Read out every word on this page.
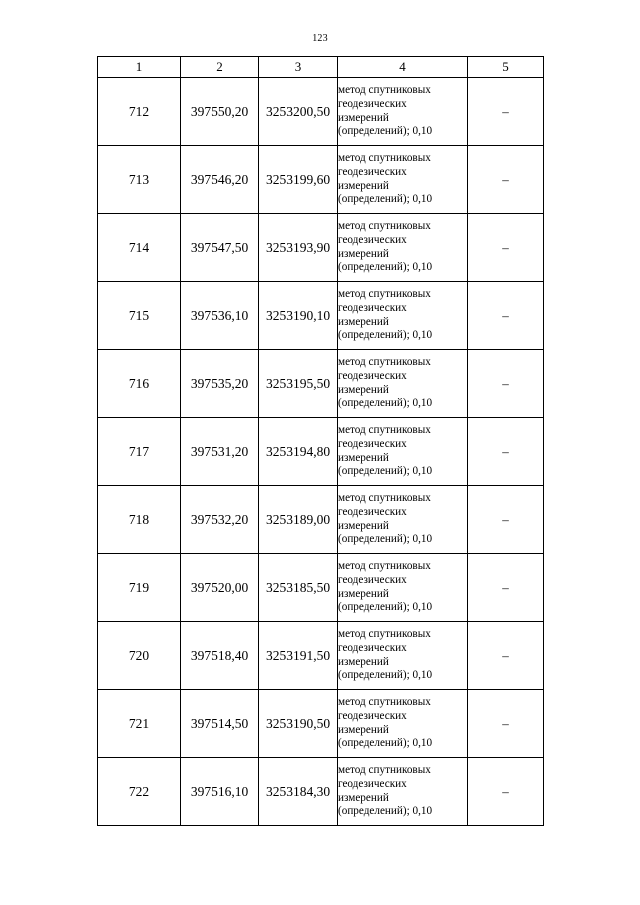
123
1	2	3	4	5
712	397550,20	3253200,50	метод спутниковых
геодезических
измерений
(определений); 0,10	–
713	397546,20	3253199,60	метод спутниковых
геодезических
измерений
(определений); 0,10	–
714	397547,50	3253193,90	метод спутниковых
геодезических
измерений
(определений); 0,10	–
715	397536,10	3253190,10	метод спутниковых
геодезических
измерений
(определений); 0,10	–
716	397535,20	3253195,50	метод спутниковых
геодезических
измерений
(определений); 0,10	–
717	397531,20	3253194,80	метод спутниковых
геодезических
измерений
(определений); 0,10	–
718	397532,20	3253189,00	метод спутниковых
геодезических
измерений
(определений); 0,10	–
719	397520,00	3253185,50	метод спутниковых
геодезических
измерений
(определений); 0,10	–
720	397518,40	3253191,50	метод спутниковых
геодезических
измерений
(определений); 0,10	–
721	397514,50	3253190,50	метод спутниковых
геодезических
измерений
(определений); 0,10	–
722	397516,10	3253184,30	метод спутниковых
геодезических
измерений
(определений); 0,10	–
